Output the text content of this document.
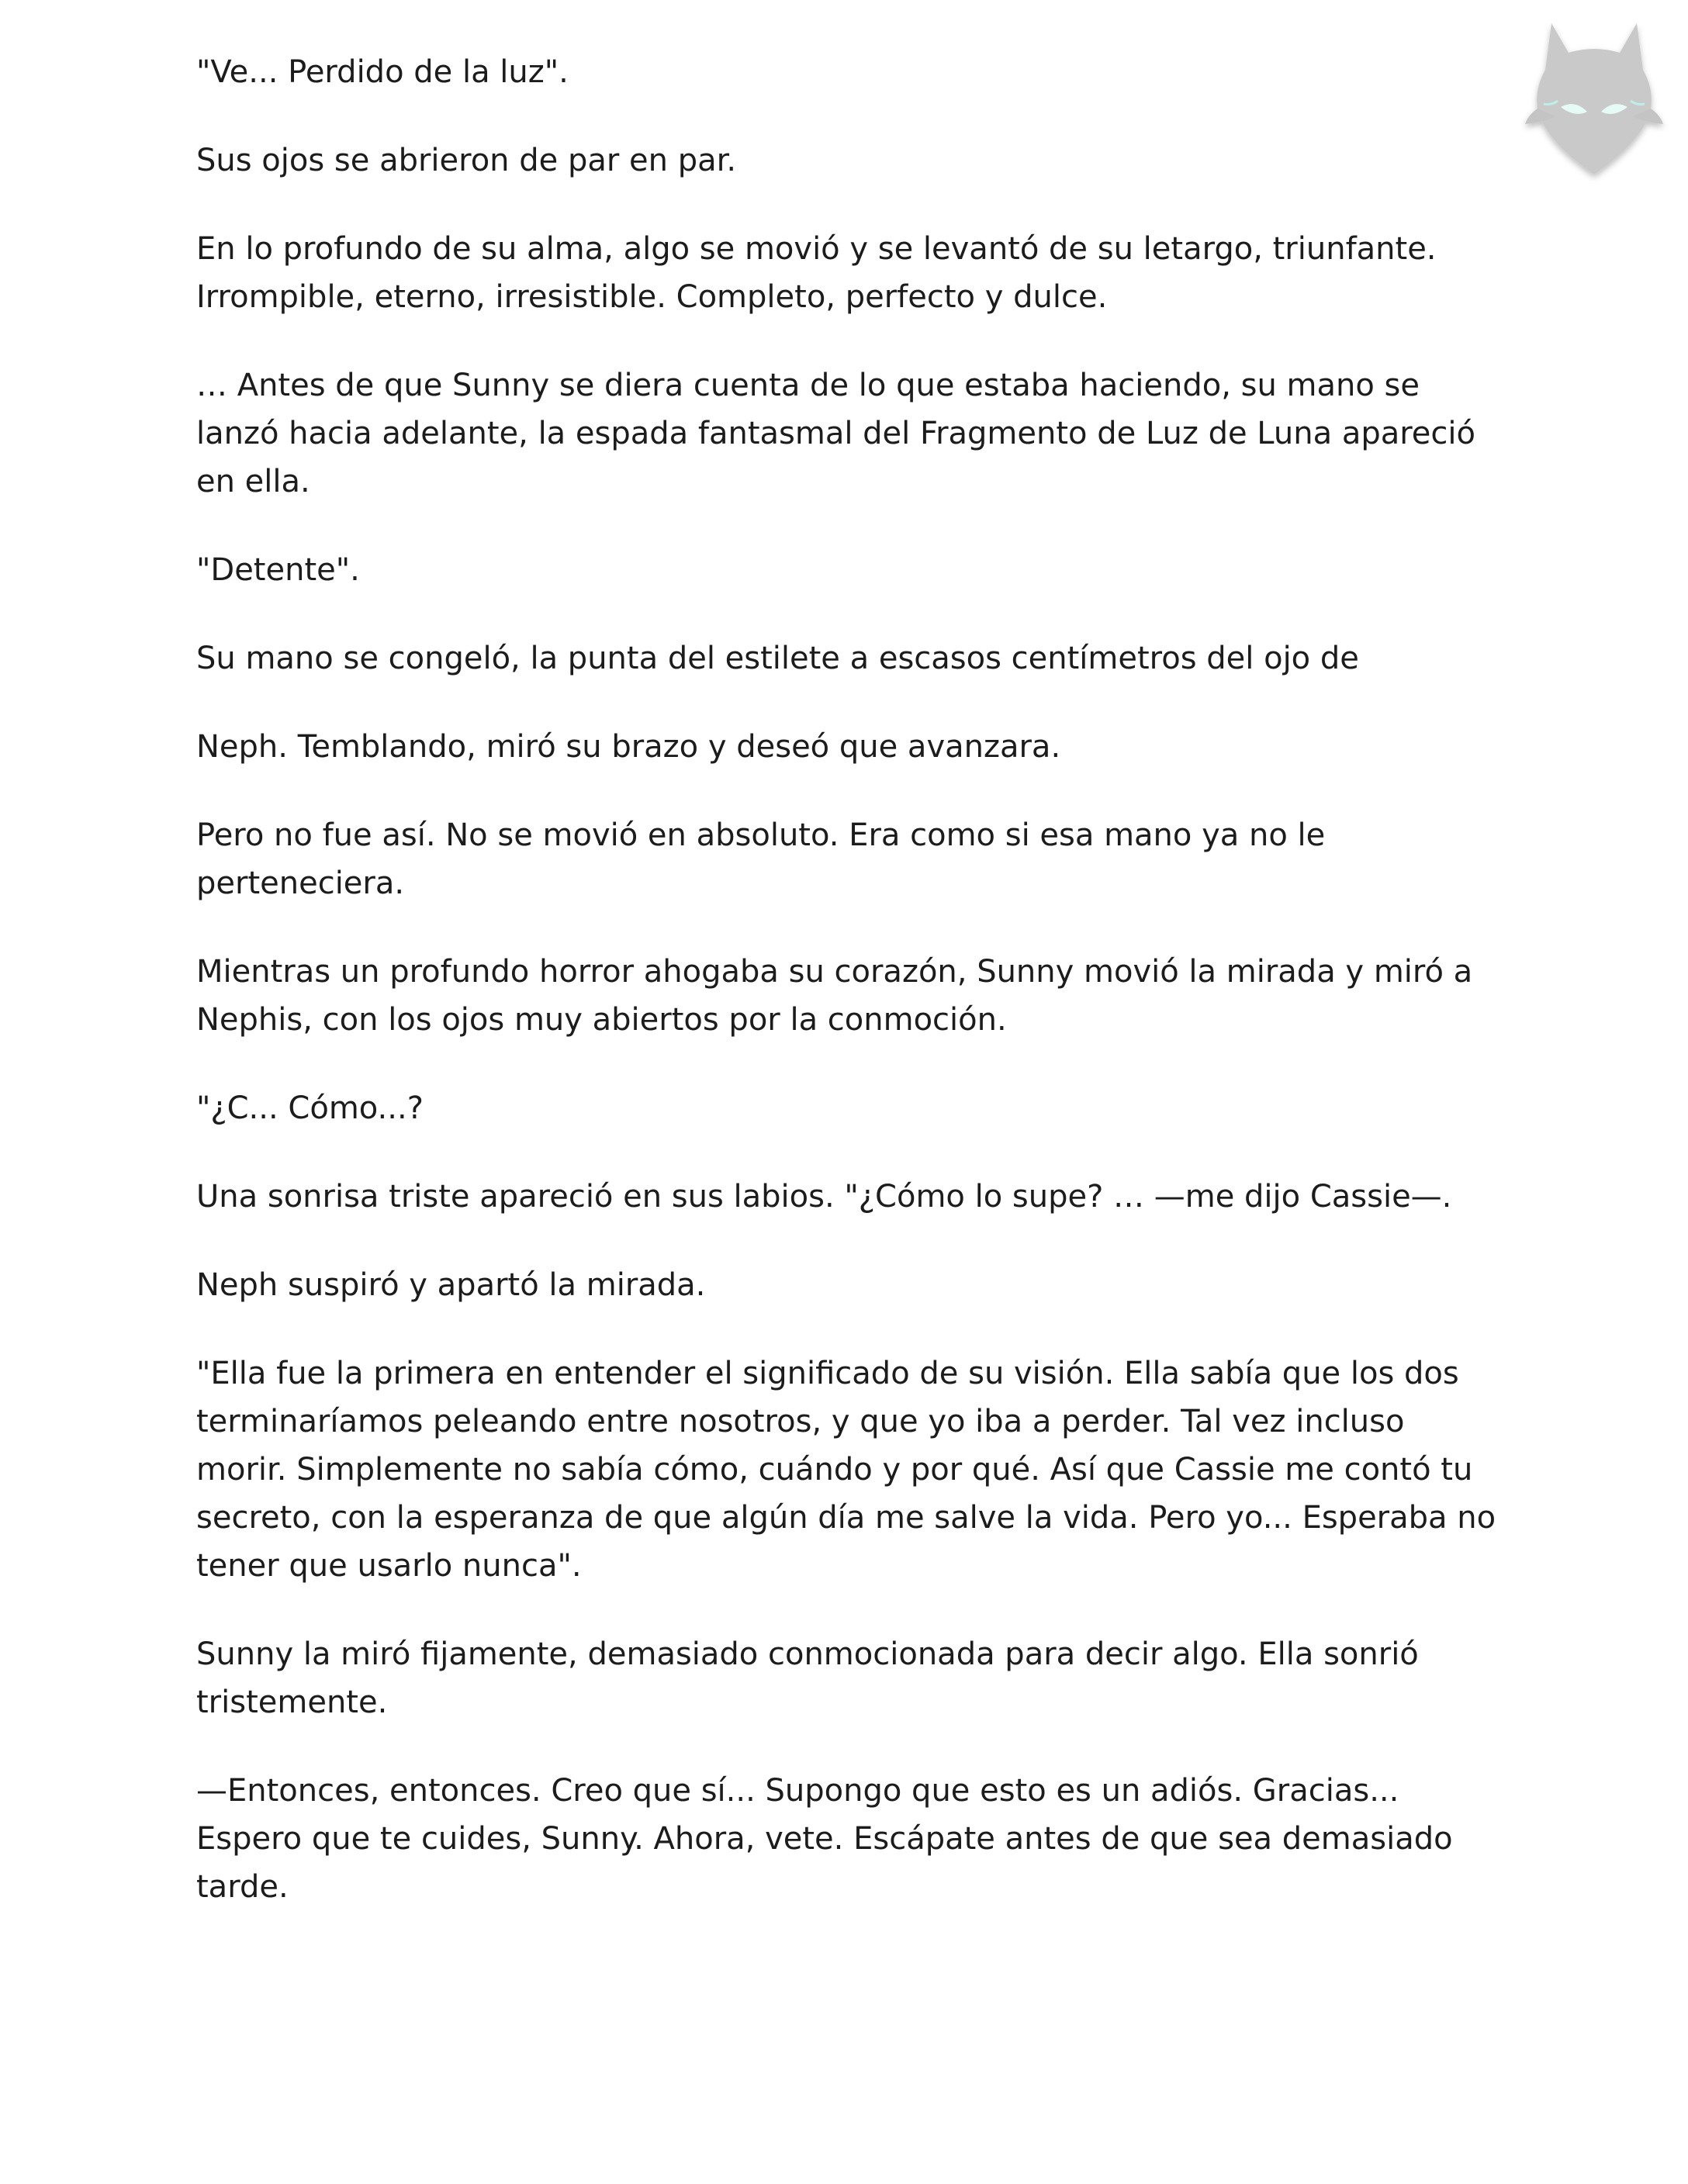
"Ve... Perdido de la luz".

Sus ojos se abrieron de par en par.

En lo profundo de su alma, algo se movió y se levantó de su letargo, triunfante. Irrompible, eterno, irresistible. Completo, perfecto y dulce.

… Antes de que Sunny se diera cuenta de lo que estaba haciendo, su mano se lanzó hacia adelante, la espada fantasmal del Fragmento de Luz de Luna apareció en ella.

"Detente".

Su mano se congeló, la punta del estilete a escasos centímetros del ojo de

Neph. Temblando, miró su brazo y deseó que avanzara.

Pero no fue así. No se movió en absoluto. Era como si esa mano ya no le perteneciera.

Mientras un profundo horror ahogaba su corazón, Sunny movió la mirada y miró a Nephis, con los ojos muy abiertos por la conmoción.

"¿C... Cómo...?

Una sonrisa triste apareció en sus labios. "¿Cómo lo supe? … —me dijo Cassie—.

Neph suspiró y apartó la mirada.

"Ella fue la primera en entender el significado de su visión. Ella sabía que los dos terminaríamos peleando entre nosotros, y que yo iba a perder. Tal vez incluso morir. Simplemente no sabía cómo, cuándo y por qué. Así que Cassie me contó tu secreto, con la esperanza de que algún día me salve la vida. Pero yo... Esperaba no tener que usarlo nunca".

Sunny la miró fijamente, demasiado conmocionada para decir algo. Ella sonrió tristemente.

—Entonces, entonces. Creo que sí... Supongo que esto es un adiós. Gracias... Espero que te cuides, Sunny. Ahora, vete. Escápate antes de que sea demasiado tarde.
